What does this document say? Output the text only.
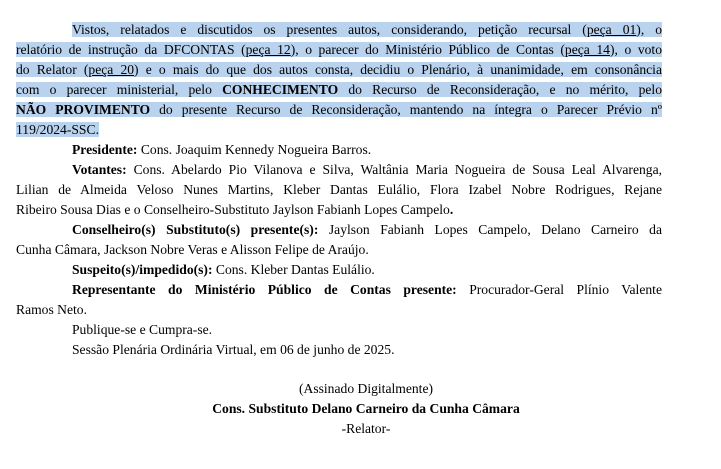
Vistos, relatados e discutidos os presentes autos, considerando, petição recursal (peça 01), o
relatório de instrução da DFCONTAS (peça 12), o parecer do Ministério Público de Contas (peça 14), o voto
do Relator (peça 20) e o mais do que dos autos consta, decidiu o Plenário, à unanimidade, em consonância
com o parecer ministerial, pelo CONHECIMENTO do Recurso de Reconsideração, e no mérito, pelo
NÃO PROVIMENTO do presente Recurso de Reconsideração, mantendo na íntegra o Parecer Prévio nº
119/2024-SSC.
Presidente: Cons. Joaquim Kennedy Nogueira Barros.
Votantes: Cons. Abelardo Pio Vilanova e Silva, Waltânia Maria Nogueira de Sousa Leal Alvarenga,
Lilian de Almeida Veloso Nunes Martins, Kleber Dantas Eulálio, Flora Izabel Nobre Rodrigues, Rejane
Ribeiro Sousa Dias e o Conselheiro-Substituto Jaylson Fabianh Lopes Campelo.
Conselheiro(s) Substituto(s) presente(s): Jaylson Fabianh Lopes Campelo, Delano Carneiro da
Cunha Câmara, Jackson Nobre Veras e Alisson Felipe de Araújo.
Suspeito(s)/impedido(s): Cons. Kleber Dantas Eulálio.
Representante do Ministério Público de Contas presente: Procurador-Geral Plínio Valente
Ramos Neto.
Publique-se e Cumpra-se.
Sessão Plenária Ordinária Virtual, em 06 de junho de 2025.
(Assinado Digitalmente)
Cons. Substituto Delano Carneiro da Cunha Câmara
-Relator-
